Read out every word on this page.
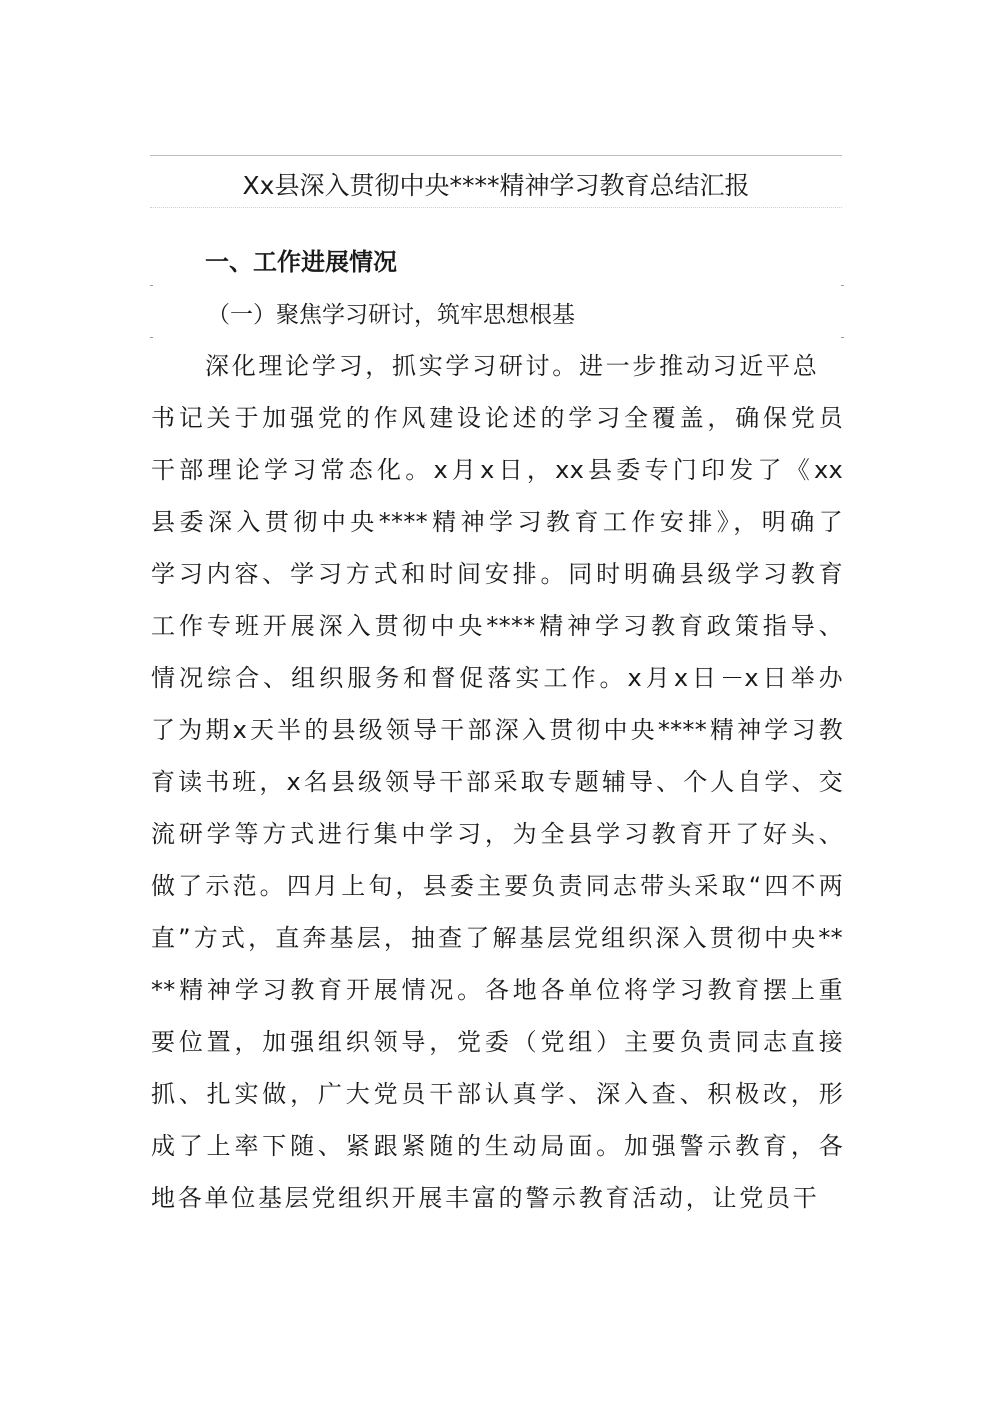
Xx县深入贯彻中央****精神学习教育总结汇报
一、工作进展情况
（一）聚焦学习研讨，筑牢思想根基
深化理论学习，抓实学习研讨。进一步推动习近平总
书记关于加强党的作风建设论述的学习全覆盖，确保党员
干部理论学习常态化。x月x日，xx县委专门印发了《xx
县委深入贯彻中央****精神学习教育工作安排》，明确了
学习内容、学习方式和时间安排。同时明确县级学习教育
工作专班开展深入贯彻中央****精神学习教育政策指导、
情况综合、组织服务和督促落实工作。x月x日－x日举办
了为期x天半的县级领导干部深入贯彻中央****精神学习教
育读书班，x名县级领导干部采取专题辅导、个人自学、交
流研学等方式进行集中学习，为全县学习教育开了好头、
做了示范。四月上旬，县委主要负责同志带头采取“四不两
直”方式，直奔基层，抽查了解基层党组织深入贯彻中央**
**精神学习教育开展情况。各地各单位将学习教育摆上重
要位置，加强组织领导，党委（党组）主要负责同志直接
抓、扎实做，广大党员干部认真学、深入查、积极改，形
成了上率下随、紧跟紧随的生动局面。加强警示教育，各
地各单位基层党组织开展丰富的警示教育活动，让党员干
